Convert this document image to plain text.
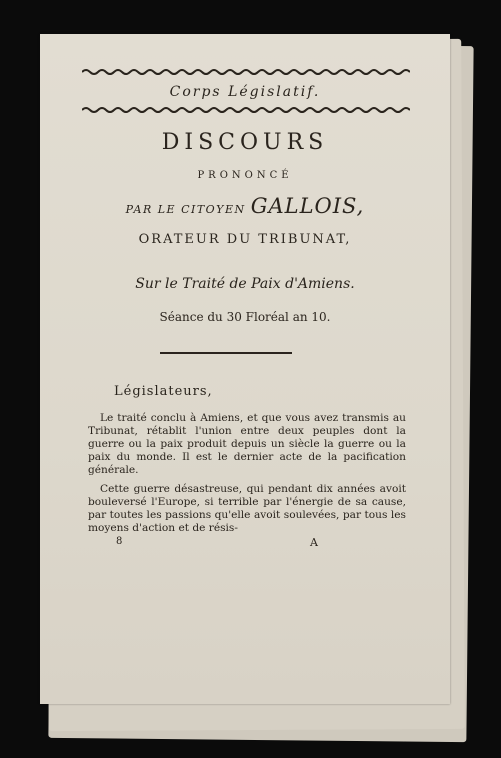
Corps Législatif.
DISCOURS
PRONONCÉ
PAR LE CITOYEN GALLOIS,
ORATEUR DU TRIBUNAT,
Sur le Traité de Paix d'Amiens.
Séance du 30 Floréal an 10.
Législateurs,

Le traité conclu à Amiens, et que vous avez transmis au Tribunat, rétablit l'union entre deux peuples dont la guerre ou la paix produit depuis un siècle la guerre ou la paix du monde. Il est le dernier acte de la pacification générale.

Cette guerre désastreuse, qui pendant dix années avoit bouleversé l'Europe, si terrible par l'énergie de sa cause, par toutes les passions qu'elle avoit soulevées, par tous les moyens d'action et de résis-

8	A
